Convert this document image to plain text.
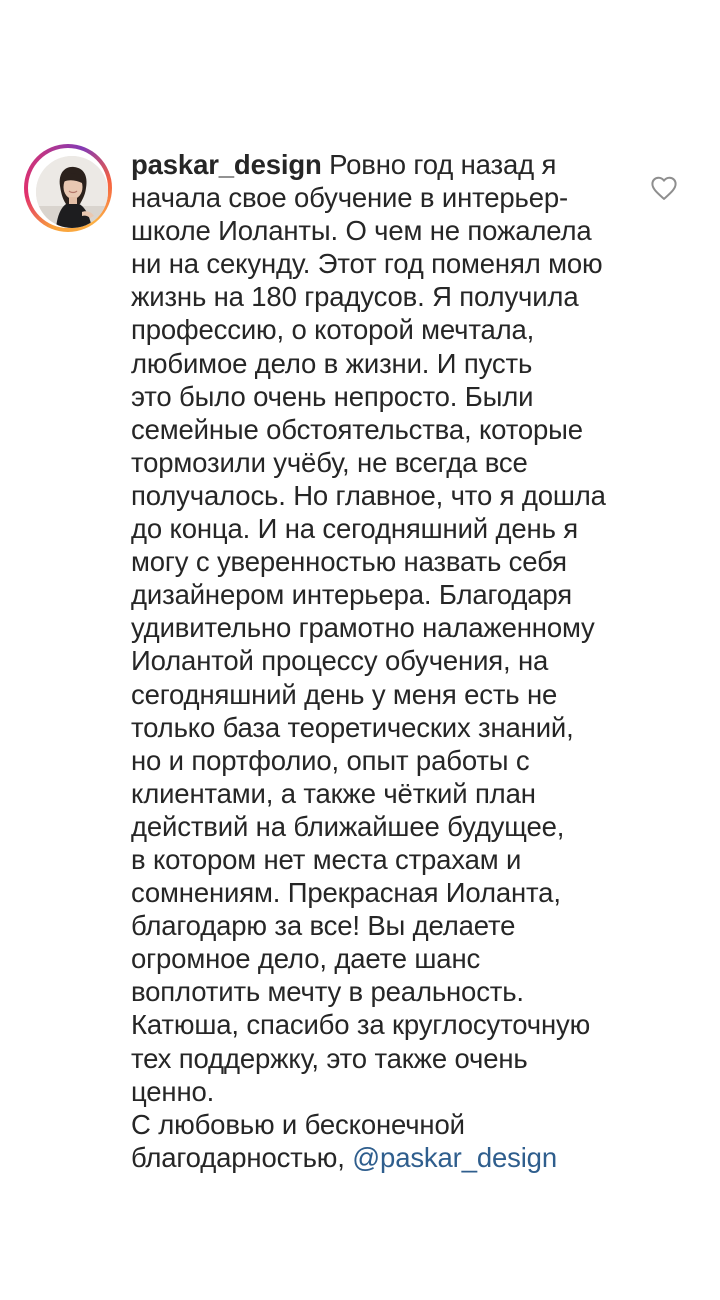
paskar_design Ровно год назад я
начала свое обучение в интерьер-
школе Иоланты. О чем не пожалела
ни на секунду. Этот год поменял мою
жизнь на 180 градусов. Я получила
профессию, о которой мечтала,
любимое дело в жизни. И пусть
это было очень непросто. Были
семейные обстоятельства, которые
тормозили учёбу, не всегда все
получалось. Но главное, что я дошла
до конца. И на сегодняшний день я
могу с уверенностью назвать себя
дизайнером интерьера. Благодаря
удивительно грамотно налаженному
Иолантой процессу обучения, на
сегодняшний день у меня есть не
только база теоретических знаний,
но и портфолио, опыт работы с
клиентами, а также чёткий план
действий на ближайшее будущее,
в котором нет места страхам и
сомнениям. Прекрасная Иоланта,
благодарю за все! Вы делаете
огромное дело, даете шанс
воплотить мечту в реальность.
Катюша, спасибо за круглосуточную
тех поддержку, это также очень
ценно.
С любовью и бесконечной
благодарностью, @paskar_design
